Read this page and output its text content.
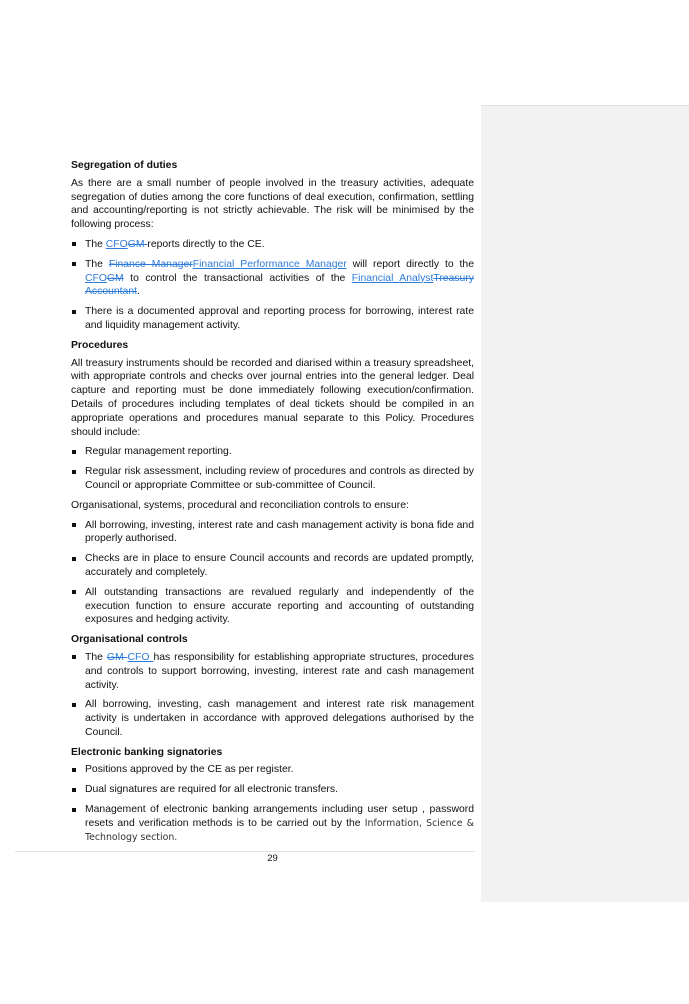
Segregation of duties

As there are a small number of people involved in the treasury activities, adequate segregation of duties among the core functions of deal execution, confirmation, settling and accounting/reporting is not strictly achievable. The risk will be minimised by the following process:

The CFOGM reports directly to the CE.
The Finance ManagerFinancial Performance Manager will report directly to the CFOGM to control the transactional activities of the Financial AnalystTreasury Accountant.
There is a documented approval and reporting process for borrowing, interest rate and liquidity management activity.
Procedures

All treasury instruments should be recorded and diarised within a treasury spreadsheet, with appropriate controls and checks over journal entries into the general ledger. Deal capture and reporting must be done immediately following execution/confirmation. Details of procedures including templates of deal tickets should be compiled in an appropriate operations and procedures manual separate to this Policy. Procedures should include:

Regular management reporting.
Regular risk assessment, including review of procedures and controls as directed by Council or appropriate Committee or sub-committee of Council.

Organisational, systems, procedural and reconciliation controls to ensure:

All borrowing, investing, interest rate and cash management activity is bona fide and properly authorised.
Checks are in place to ensure Council accounts and records are updated promptly, accurately and completely.
All outstanding transactions are revalued regularly and independently of the execution function to ensure accurate reporting and accounting of outstanding exposures and hedging activity.
Organisational controls
The GM CFO has responsibility for establishing appropriate structures, procedures and controls to support borrowing, investing, interest rate and cash management activity.
All borrowing, investing, cash management and interest rate risk management activity is undertaken in accordance with approved delegations authorised by the Council.
Electronic banking signatories
Positions approved by the CE as per register.
Dual signatures are required for all electronic transfers.
Management of electronic banking arrangements including user setup , password resets and verification methods is to be carried out by the Information, Science & Technology section.
29
